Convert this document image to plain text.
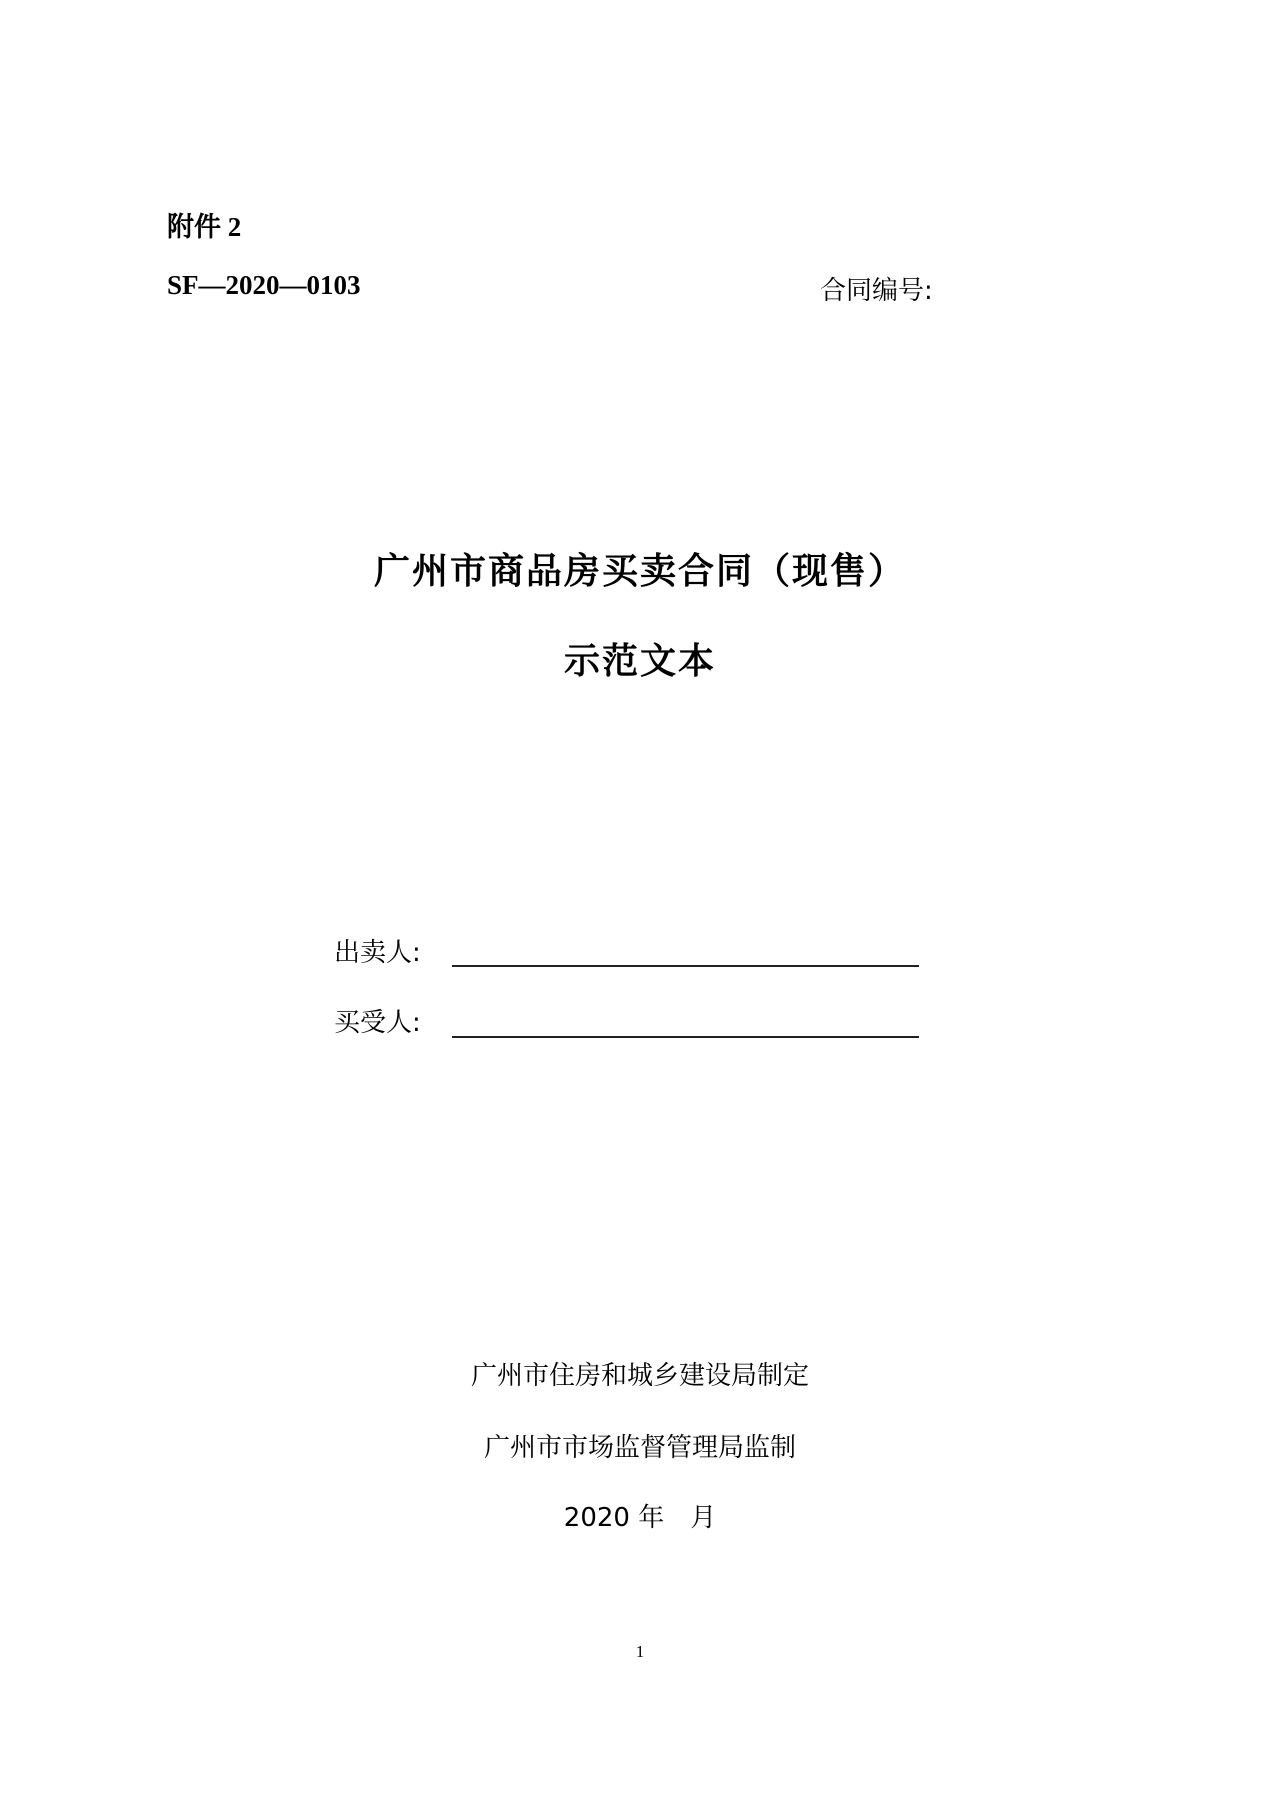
附件 2
SF—2020—0103	合同编号:
广州市商品房买卖合同（现售）
示范文本
出卖人:
买受人:
广州市住房和城乡建设局制定
广州市市场监督管理局监制
2020 年　月
1
